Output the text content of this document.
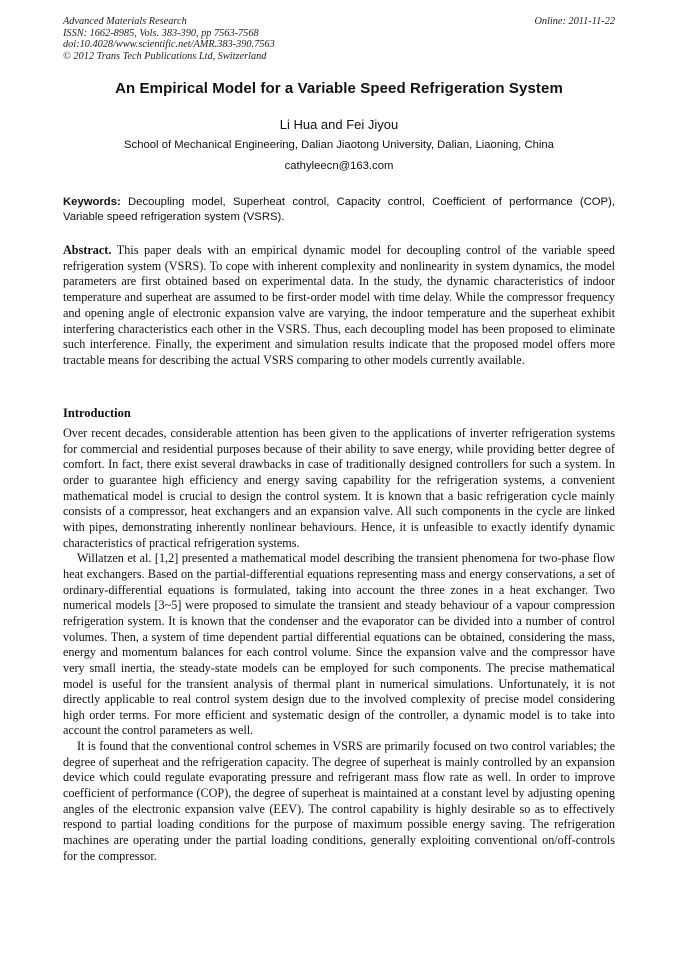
Advanced Materials Research
ISSN: 1662-8985, Vols. 383-390, pp 7563-7568
doi:10.4028/www.scientific.net/AMR.383-390.7563
© 2012 Trans Tech Publications Ltd, Switzerland
Online: 2011-11-22
An Empirical Model for a Variable Speed Refrigeration System
Li Hua and Fei Jiyou
School of Mechanical Engineering, Dalian Jiaotong University, Dalian, Liaoning, China
cathyleecn@163.com
Keywords: Decoupling model, Superheat control, Capacity control, Coefficient of performance (COP), Variable speed refrigeration system (VSRS).
Abstract. This paper deals with an empirical dynamic model for decoupling control of the variable speed refrigeration system (VSRS). To cope with inherent complexity and nonlinearity in system dynamics, the model parameters are first obtained based on experimental data. In the study, the dynamic characteristics of indoor temperature and superheat are assumed to be first-order model with time delay. While the compressor frequency and opening angle of electronic expansion valve are varying, the indoor temperature and the superheat exhibit interfering characteristics each other in the VSRS. Thus, each decoupling model has been proposed to eliminate such interference. Finally, the experiment and simulation results indicate that the proposed model offers more tractable means for describing the actual VSRS comparing to other models currently available.
Introduction

Over recent decades, considerable attention has been given to the applications of inverter refrigeration systems for commercial and residential purposes because of their ability to save energy, while providing better degree of comfort. In fact, there exist several drawbacks in case of traditionally designed controllers for such a system. In order to guarantee high efficiency and energy saving capability for the refrigeration systems, a convenient mathematical model is crucial to design the control system. It is known that a basic refrigeration cycle mainly consists of a compressor, heat exchangers and an expansion valve. All such components in the cycle are linked with pipes, demonstrating inherently nonlinear behaviours. Hence, it is unfeasible to exactly identify dynamic characteristics of practical refrigeration systems.

Willatzen et al. [1,2] presented a mathematical model describing the transient phenomena for two-phase flow heat exchangers. Based on the partial-differential equations representing mass and energy conservations, a set of ordinary-differential equations is formulated, taking into account the three zones in a heat exchanger. Two numerical models [3~5] were proposed to simulate the transient and steady behaviour of a vapour compression refrigeration system. It is known that the condenser and the evaporator can be divided into a number of control volumes. Then, a system of time dependent partial differential equations can be obtained, considering the mass, energy and momentum balances for each control volume. Since the expansion valve and the compressor have very small inertia, the steady-state models can be employed for such components. The precise mathematical model is useful for the transient analysis of thermal plant in numerical simulations. Unfortunately, it is not directly applicable to real control system design due to the involved complexity of precise model considering high order terms. For more efficient and systematic design of the controller, a dynamic model is to take into account the control parameters as well.

It is found that the conventional control schemes in VSRS are primarily focused on two control variables; the degree of superheat and the refrigeration capacity. The degree of superheat is mainly controlled by an expansion device which could regulate evaporating pressure and refrigerant mass flow rate as well. In order to improve coefficient of performance (COP), the degree of superheat is maintained at a constant level by adjusting opening angles of the electronic expansion valve (EEV). The control capability is highly desirable so as to effectively respond to partial loading conditions for the purpose of maximum possible energy saving. The refrigeration machines are operating under the partial loading conditions, generally exploiting conventional on/off-controls for the compressor.
